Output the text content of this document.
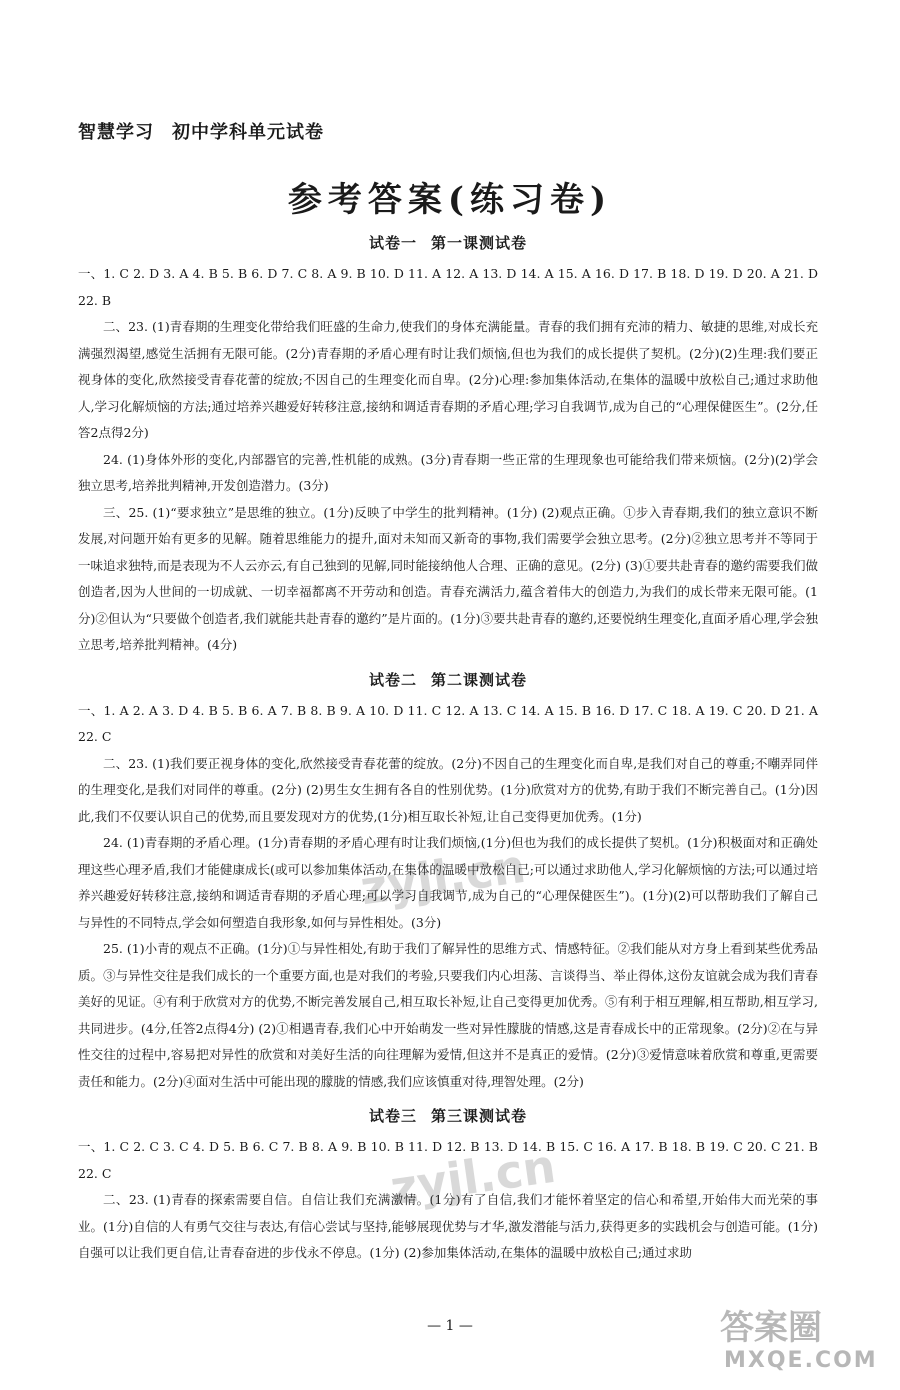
智慧学习 初中学科单元试卷
参考答案(练习卷)
试卷一 第一课测试卷

一、1. C 2. D 3. A 4. B 5. B 6. D 7. C 8. A 9. B 10. D 11. A 12. A 13. D 14. A 15. A 16. D 17. B 18. D 19. D 20. A 21. D 22. B

二、23. (1)青春期的生理变化带给我们旺盛的生命力,使我们的身体充满能量。青春的我们拥有充沛的精力、敏捷的思维,对成长充满强烈渴望,感觉生活拥有无限可能。(2分)青春期的矛盾心理有时让我们烦恼,但也为我们的成长提供了契机。(2分)(2)生理:我们要正视身体的变化,欣然接受青春花蕾的绽放;不因自己的生理变化而自卑。(2分)心理:参加集体活动,在集体的温暖中放松自己;通过求助他人,学习化解烦恼的方法;通过培养兴趣爱好转移注意,接纳和调适青春期的矛盾心理;学习自我调节,成为自己的“心理保健医生”。(2分,任答2点得2分)

24. (1)身体外形的变化,内部器官的完善,性机能的成熟。(3分)青春期一些正常的生理现象也可能给我们带来烦恼。(2分)(2)学会独立思考,培养批判精神,开发创造潜力。(3分)

三、25. (1)“要求独立”是思维的独立。(1分)反映了中学生的批判精神。(1分) (2)观点正确。①步入青春期,我们的独立意识不断发展,对问题开始有更多的见解。随着思维能力的提升,面对未知而又新奇的事物,我们需要学会独立思考。(2分)②独立思考并不等同于一味追求独特,而是表现为不人云亦云,有自己独到的见解,同时能接纳他人合理、正确的意见。(2分) (3)①要共赴青春的邀约需要我们做创造者,因为人世间的一切成就、一切幸福都离不开劳动和创造。青春充满活力,蕴含着伟大的创造力,为我们的成长带来无限可能。(1分)②但认为“只要做个创造者,我们就能共赴青春的邀约”是片面的。(1分)③要共赴青春的邀约,还要悦纳生理变化,直面矛盾心理,学会独立思考,培养批判精神。(4分)

试卷二 第二课测试卷

一、1. A 2. A 3. D 4. B 5. B 6. A 7. B 8. B 9. A 10. D 11. C 12. A 13. C 14. A 15. B 16. D 17. C 18. A 19. C 20. D 21. A 22. C

二、23. (1)我们要正视身体的变化,欣然接受青春花蕾的绽放。(2分)不因自己的生理变化而自卑,是我们对自己的尊重;不嘲弄同伴的生理变化,是我们对同伴的尊重。(2分) (2)男生女生拥有各自的性别优势。(1分)欣赏对方的优势,有助于我们不断完善自己。(1分)因此,我们不仅要认识自己的优势,而且要发现对方的优势,(1分)相互取长补短,让自己变得更加优秀。(1分)

24. (1)青春期的矛盾心理。(1分)青春期的矛盾心理有时让我们烦恼,(1分)但也为我们的成长提供了契机。(1分)积极面对和正确处理这些心理矛盾,我们才能健康成长(或可以参加集体活动,在集体的温暖中放松自己;可以通过求助他人,学习化解烦恼的方法;可以通过培养兴趣爱好转移注意,接纳和调适青春期的矛盾心理;可以学习自我调节,成为自己的“心理保健医生”)。(1分)(2)可以帮助我们了解自己与异性的不同特点,学会如何塑造自我形象,如何与异性相处。(3分)

25. (1)小青的观点不正确。(1分)①与异性相处,有助于我们了解异性的思维方式、情感特征。②我们能从对方身上看到某些优秀品质。③与异性交往是我们成长的一个重要方面,也是对我们的考验,只要我们内心坦荡、言谈得当、举止得体,这份友谊就会成为我们青春美好的见证。④有利于欣赏对方的优势,不断完善发展自己,相互取长补短,让自己变得更加优秀。⑤有利于相互理解,相互帮助,相互学习,共同进步。(4分,任答2点得4分) (2)①相遇青春,我们心中开始萌发一些对异性朦胧的情感,这是青春成长中的正常现象。(2分)②在与异性交往的过程中,容易把对异性的欣赏和对美好生活的向往理解为爱情,但这并不是真正的爱情。(2分)③爱情意味着欣赏和尊重,更需要责任和能力。(2分)④面对生活中可能出现的朦胧的情感,我们应该慎重对待,理智处理。(2分)

试卷三 第三课测试卷

一、1. C 2. C 3. C 4. D 5. B 6. C 7. B 8. A 9. B 10. B 11. D 12. B 13. D 14. B 15. C 16. A 17. B 18. B 19. C 20. C 21. B 22. C

二、23. (1)青春的探索需要自信。自信让我们充满激情。(1分)有了自信,我们才能怀着坚定的信心和希望,开始伟大而光荣的事业。(1分)自信的人有勇气交往与表达,有信心尝试与坚持,能够展现优势与才华,激发潜能与活力,获得更多的实践机会与创造可能。(1分)自强可以让我们更自信,让青春奋进的步伐永不停息。(1分) (2)参加集体活动,在集体的温暖中放松自己;通过求助

— 1 —
zyjl.cn
zyjl.cn
答案圈
MXQE.COM
